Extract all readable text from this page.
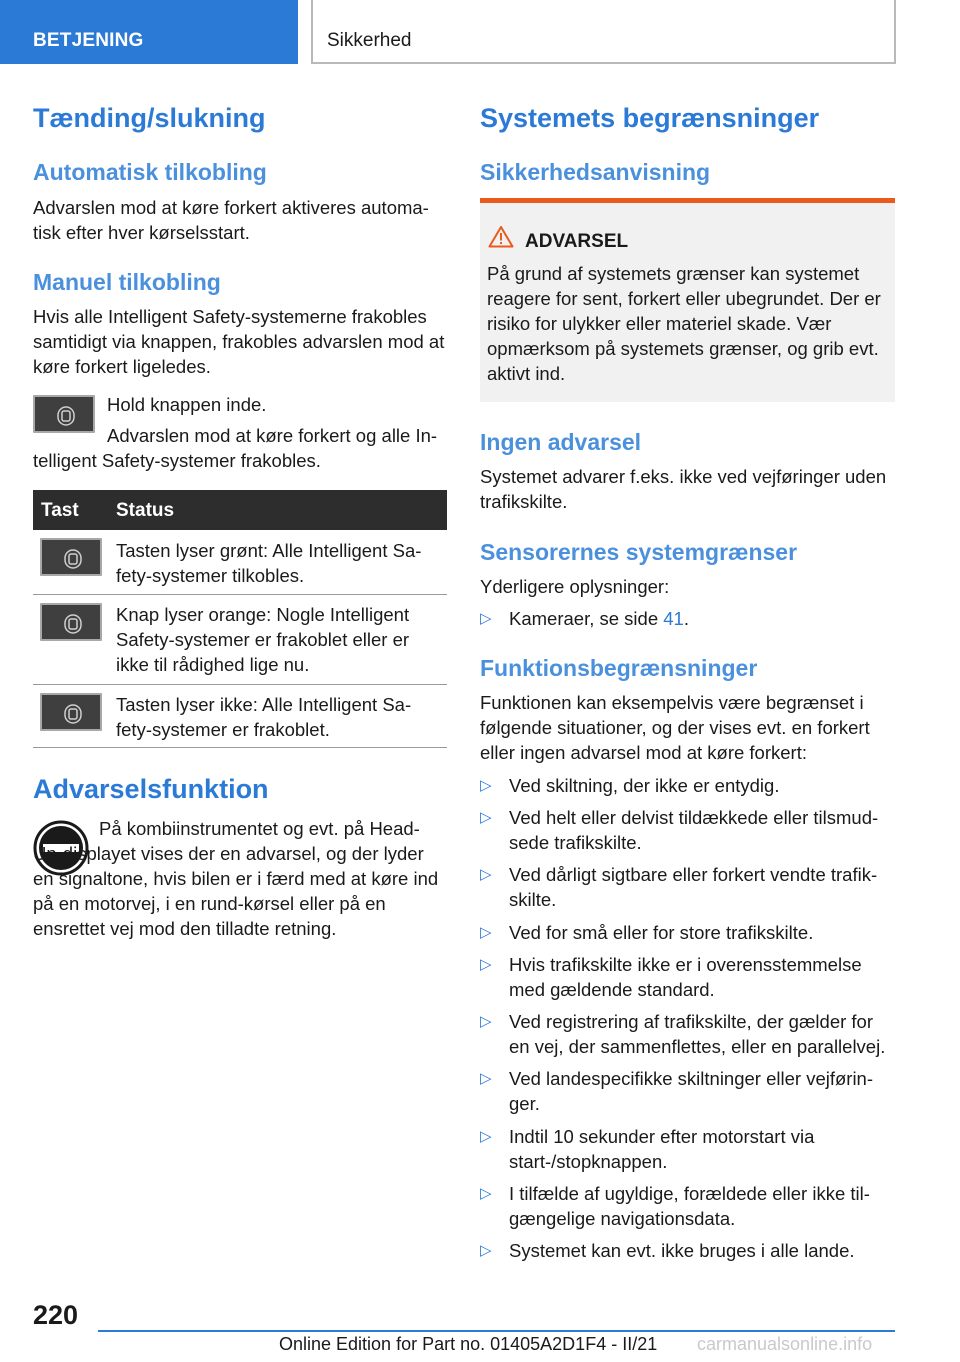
BETJENING	Sikkerhed
Tænding/slukning
Automatisk tilkobling
Advarslen mod at køre forkert aktiveres automa-tisk efter hver kørselsstart.
Manuel tilkobling
Hvis alle Intelligent Safety-systemerne frakobles samtidigt via knappen, frakobles advarslen mod at køre forkert ligeledes.
Hold knappen inde.
Advarslen mod at køre forkert og alle In-telligent Safety-systemer frakobles.
Tast Status
Tasten lyser grønt: Alle Intelligent Sa-fety-systemer tilkobles.
Knap lyser orange: Nogle Intelligent Safety-systemer er frakoblet eller er ikke til rådighed lige nu.
Tasten lyser ikke: Alle Intelligent Sa-fety-systemer er frakoblet.
Advarselsfunktion
På kombiinstrumentet og evt. på Head-Up-displayet vises der en advarsel, og der lyder en signaltone, hvis bilen er i færd med at køre ind på en motorvej, i en rund-kørsel eller på en ensrettet vej mod den tilladte retning.
Systemets begrænsninger
Sikkerhedsanvisning
ADVARSEL
På grund af systemets grænser kan systemet reagere for sent, forkert eller ubegrundet. Der er risiko for ulykker eller materiel skade. Vær opmærksom på systemets grænser, og grib evt. aktivt ind.
Ingen advarsel
Systemet advarer f.eks. ikke ved vejføringer uden trafikskilte.
Sensorernes systemgrænser
Yderligere oplysninger:
▷ Kameraer, se side 41.
Funktionsbegrænsninger
Funktionen kan eksempelvis være begrænset i følgende situationer, og der vises evt. en forkert eller ingen advarsel mod at køre forkert:
▷ Ved skiltning, der ikke er entydig.
▷ Ved helt eller delvist tildækkede eller tilsmud-sede trafikskilte.
▷ Ved dårligt sigtbare eller forkert vendte trafik-skilte.
▷ Ved for små eller for store trafikskilte.
▷ Hvis trafikskilte ikke er i overensstemmelse med gældende standard.
▷ Ved registrering af trafikskilte, der gælder for en vej, der sammenflettes, eller en parallelvej.
▷ Ved landespecifikke skiltninger eller vejførin-ger.
▷ Indtil 10 sekunder efter motorstart via start-/stopknappen.
▷ I tilfælde af ugyldige, forældede eller ikke til-gængelige navigationsdata.
▷ Systemet kan evt. ikke bruges i alle lande.
220
Online Edition for Part no. 01405A2D1F4 - II/21 carmanualsonline.info
